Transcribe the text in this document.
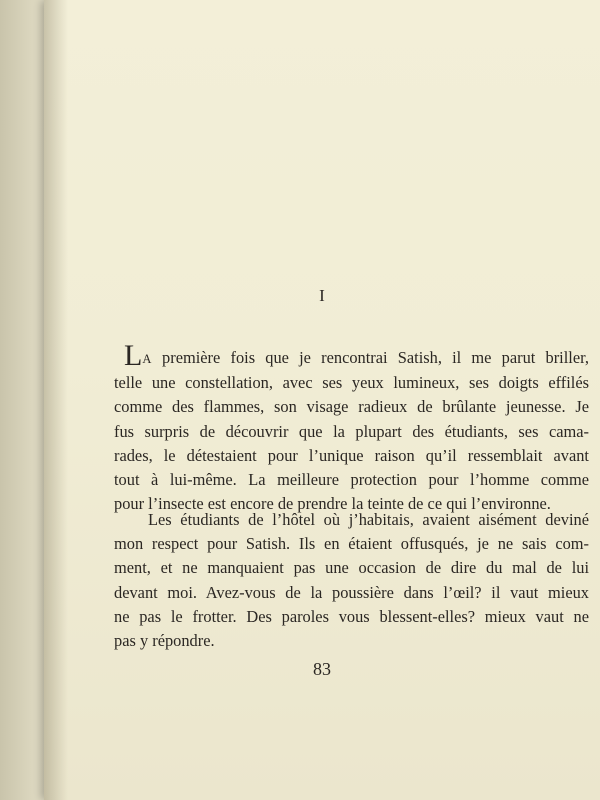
I
LA première fois que je rencontrai Satish, il me parut briller,
telle une constellation, avec ses yeux lumineux, ses doigts effilés
comme des flammes, son visage radieux de brûlante jeunesse. Je
fus surpris de découvrir que la plupart des étudiants, ses cama-
rades, le détestaient pour l’unique raison qu’il ressemblait avant
tout à lui-même. La meilleure protection pour l’homme comme
pour l’insecte est encore de prendre la teinte de ce qui l’environne.
Les étudiants de l’hôtel où j’habitais, avaient aisément deviné
mon respect pour Satish. Ils en étaient offusqués, je ne sais com-
ment, et ne manquaient pas une occasion de dire du mal de lui
devant moi. Avez-vous de la poussière dans l’œil? il vaut mieux
ne pas le frotter. Des paroles vous blessent-elles? mieux vaut ne
pas y répondre.
83
